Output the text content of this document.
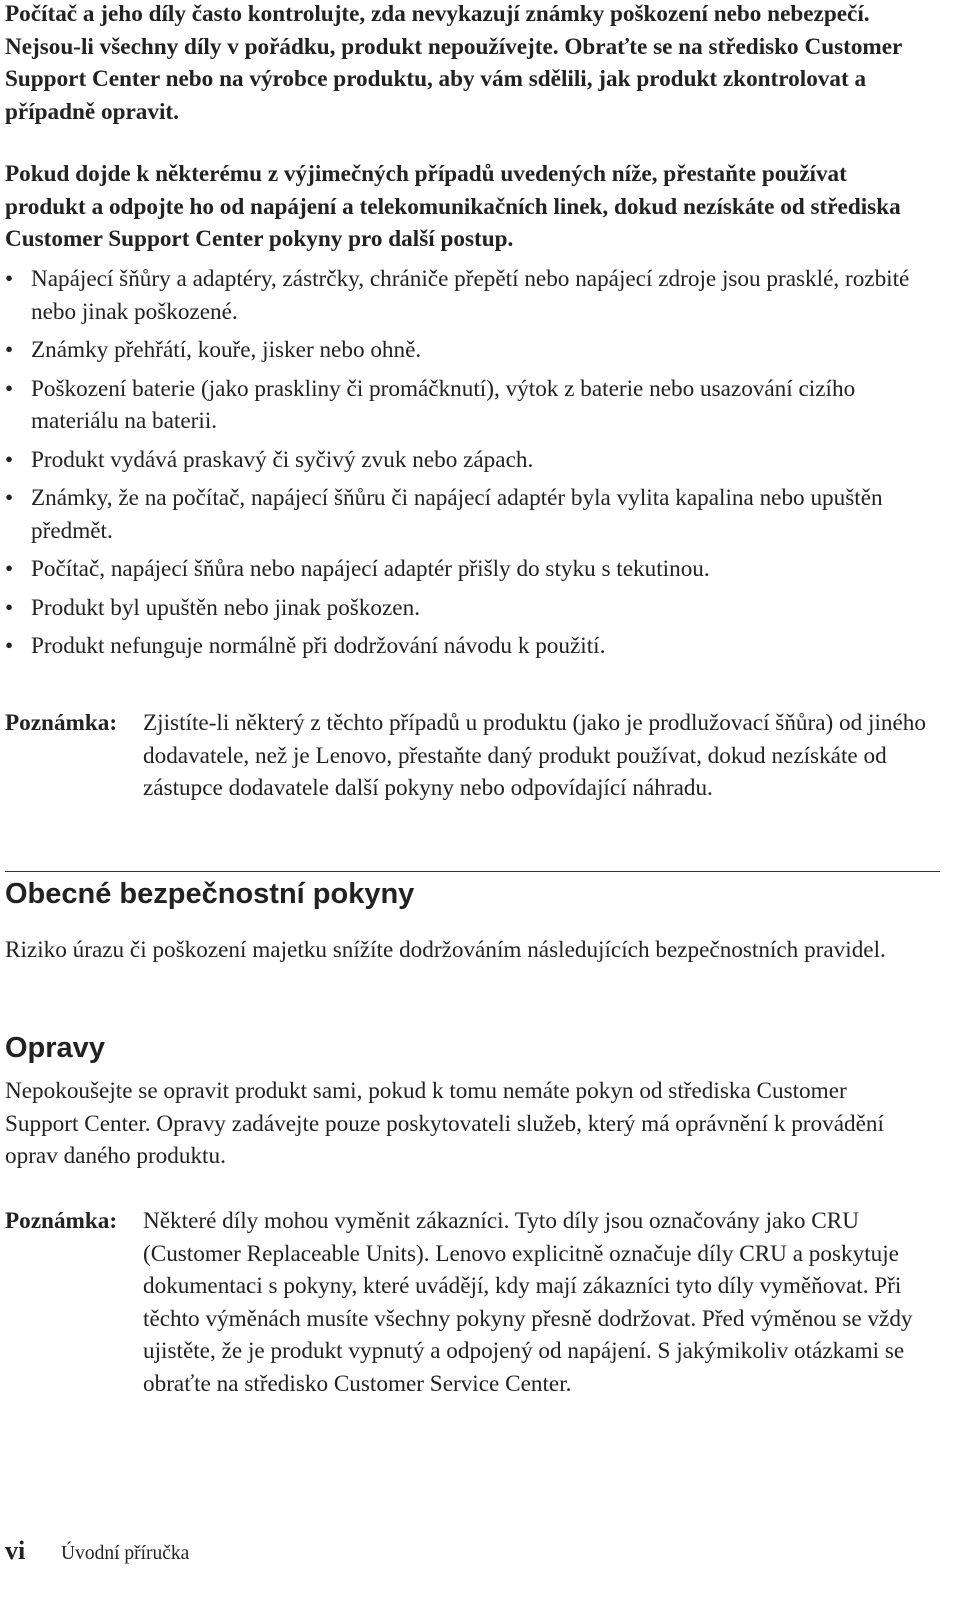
Počítač a jeho díly často kontrolujte, zda nevykazují známky poškození nebo nebezpečí. Nejsou-li všechny díly v pořádku, produkt nepoužívejte. Obraťte se na středisko Customer Support Center nebo na výrobce produktu, aby vám sdělili, jak produkt zkontrolovat a případně opravit.

Pokud dojde k některému z výjimečných případů uvedených níže, přestaňte používat produkt a odpojte ho od napájení a telekomunikačních linek, dokud nezískáte od střediska Customer Support Center pokyny pro další postup.

• Napájecí šňůry a adaptéry, zástrčky, chrániče přepětí nebo napájecí zdroje jsou prasklé, rozbité nebo jinak poškozené.
• Známky přehřátí, kouře, jisker nebo ohně.
• Poškození baterie (jako praskliny či promáčknutí), výtok z baterie nebo usazování cizího materiálu na baterii.
• Produkt vydává praskavý či syčivý zvuk nebo zápach.
• Známky, že na počítač, napájecí šňůru či napájecí adaptér byla vylita kapalina nebo upuštěn předmět.
• Počítač, napájecí šňůra nebo napájecí adaptér přišly do styku s tekutinou.
• Produkt byl upuštěn nebo jinak poškozen.
• Produkt nefunguje normálně při dodržování návodu k použití.
Poznámka:	Zjistíte-li některý z těchto případů u produktu (jako je prodlužovací šňůra) od jiného dodavatele, než je Lenovo, přestaňte daný produkt používat, dokud nezískáte od zástupce dodavatele další pokyny nebo odpovídající náhradu.
Obecné bezpečnostní pokyny

Riziko úrazu či poškození majetku snížíte dodržováním následujících bezpečnostních pravidel.

Opravy

Nepokoušejte se opravit produkt sami, pokud k tomu nemáte pokyn od střediska Customer Support Center. Opravy zadávejte pouze poskytovateli služeb, který má oprávnění k provádění oprav daného produktu.

Poznámka:	Některé díly mohou vyměnit zákazníci. Tyto díly jsou označovány jako CRU (Customer Replaceable Units). Lenovo explicitně označuje díly CRU a poskytuje dokumentaci s pokyny, které uvádějí, kdy mají zákazníci tyto díly vyměňovat. Při těchto výměnách musíte všechny pokyny přesně dodržovat. Před výměnou se vždy ujistěte, že je produkt vypnutý a odpojený od napájení. S jakýmikoliv otázkami se obraťte na středisko Customer Service Center.
vi	Úvodní příručka
